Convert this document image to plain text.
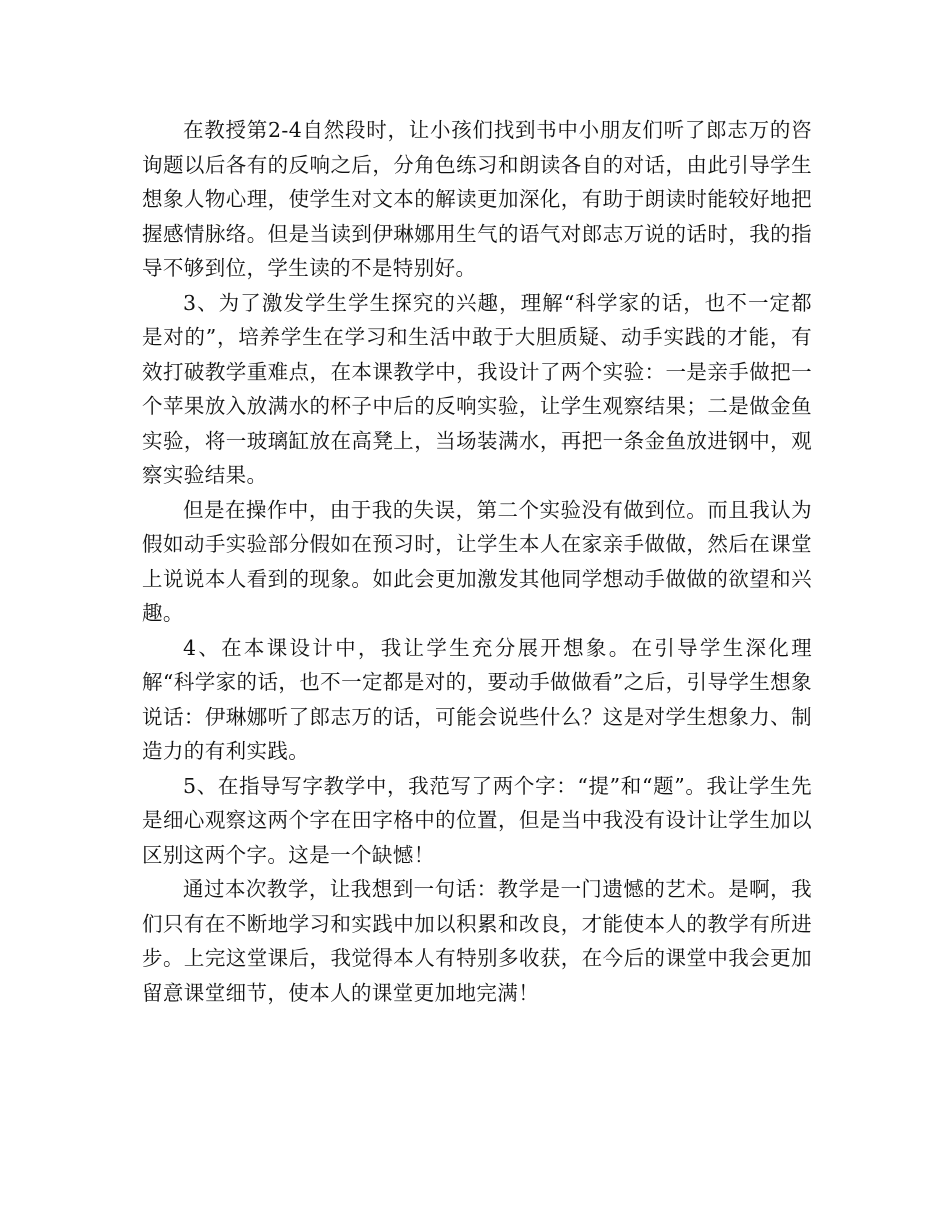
在教授第2-4自然段时，让小孩们找到书中小朋友们听了郎志万的咨询题以后各有的反响之后，分角色练习和朗读各自的对话，由此引导学生想象人物心理，使学生对文本的解读更加深化，有助于朗读时能较好地把握感情脉络。但是当读到伊琳娜用生气的语气对郎志万说的话时，我的指导不够到位，学生读的不是特别好。

3、为了激发学生学生探究的兴趣，理解“科学家的话，也不一定都是对的”，培养学生在学习和生活中敢于大胆质疑、动手实践的才能，有效打破教学重难点，在本课教学中，我设计了两个实验：一是亲手做把一个苹果放入放满水的杯子中后的反响实验，让学生观察结果；二是做金鱼实验，将一玻璃缸放在高凳上，当场装满水，再把一条金鱼放进钢中，观察实验结果。

但是在操作中，由于我的失误，第二个实验没有做到位。而且我认为假如动手实验部分假如在预习时，让学生本人在家亲手做做，然后在课堂上说说本人看到的现象。如此会更加激发其他同学想动手做做的欲望和兴趣。

4、在本课设计中，我让学生充分展开想象。在引导学生深化理解“科学家的话，也不一定都是对的，要动手做做看”之后，引导学生想象说话：伊琳娜听了郎志万的话，可能会说些什么？这是对学生想象力、制造力的有利实践。

5、在指导写字教学中，我范写了两个字：“提”和“题”。我让学生先是细心观察这两个字在田字格中的位置，但是当中我没有设计让学生加以区别这两个字。这是一个缺憾！

通过本次教学，让我想到一句话：教学是一门遗憾的艺术。是啊，我们只有在不断地学习和实践中加以积累和改良，才能使本人的教学有所进步。上完这堂课后，我觉得本人有特别多收获，在今后的课堂中我会更加留意课堂细节，使本人的课堂更加地完满！
